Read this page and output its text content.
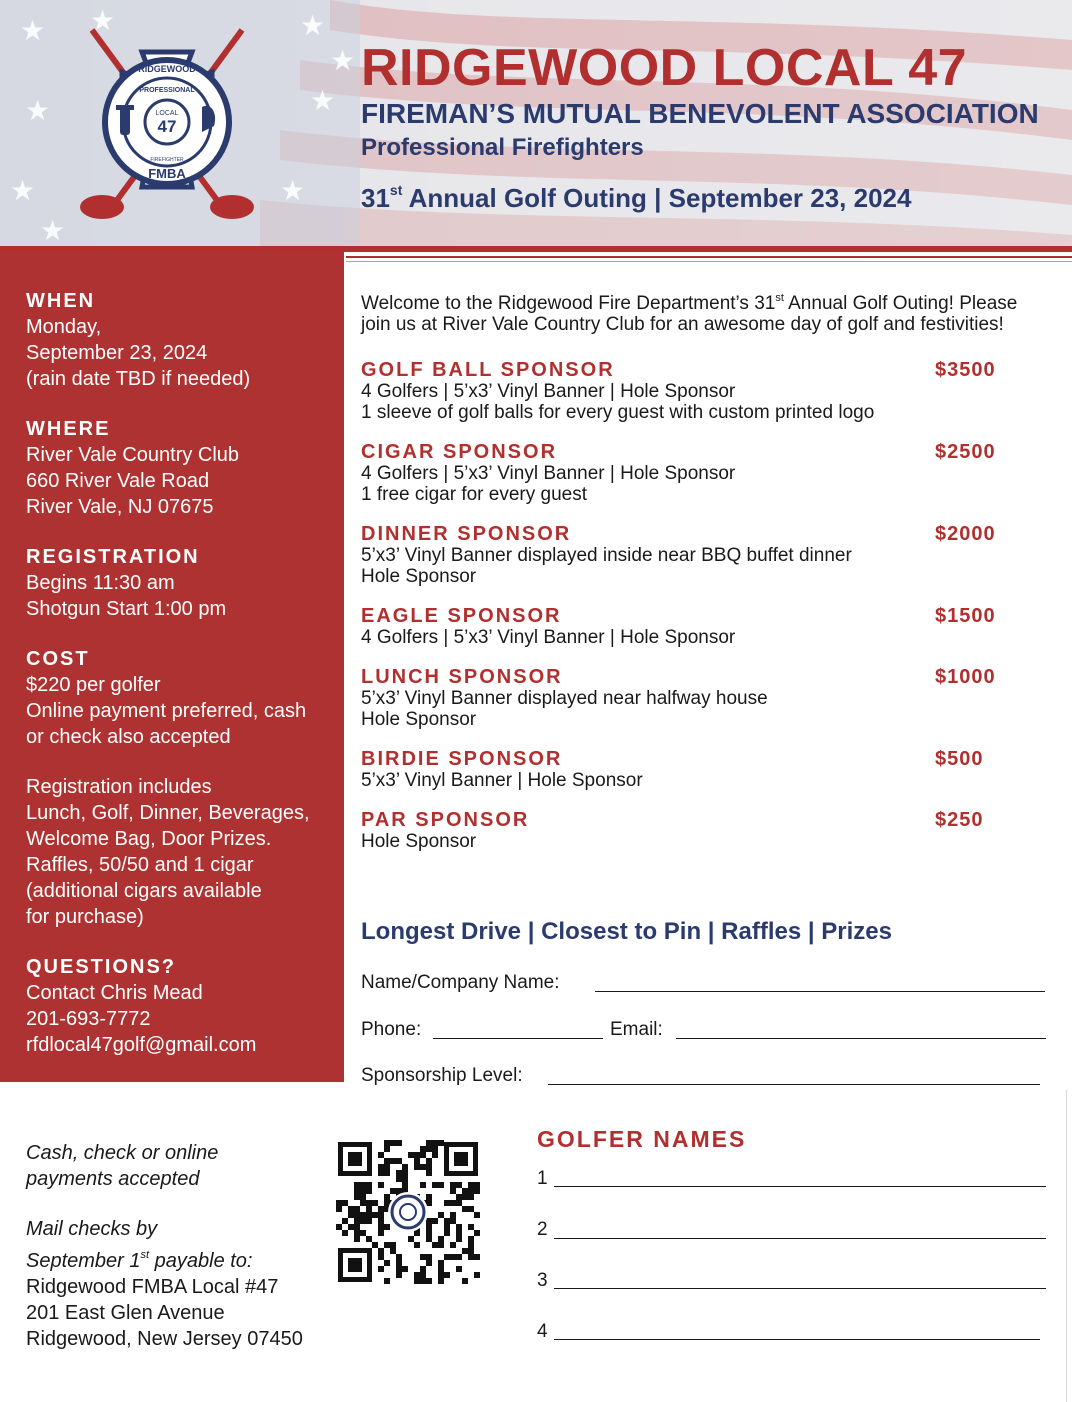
RIDGEWOOD
LOCAL
47
PROFESSIONAL
FIREFIGHTER
FMBA
RIDGEWOOD LOCAL 47
FIREMAN’S MUTUAL BENEVOLENT ASSOCIATION
Professional Firefighters
31st Annual Golf Outing | September 23, 2024
WHEN
Monday,
September 23, 2024
(rain date TBD if needed)
WHERE
River Vale Country Club
660 River Vale Road
River Vale, NJ 07675
REGISTRATION
Begins 11:30 am
Shotgun Start 1:00 pm
COST
$220 per golfer
Online payment preferred, cash
or check also accepted
Registration includes
Lunch, Golf, Dinner, Beverages,
Welcome Bag, Door Prizes.
Raffles, 50/50 and 1 cigar
(additional cigars available
for purchase)
QUESTIONS?
Contact Chris Mead
201-693-7772
rfdlocal47golf@gmail.com
Welcome to the Ridgewood Fire Department’s 31st Annual Golf Outing! Please join us at River Vale Country Club for an awesome day of golf and festivities!
GOLF BALL SPONSOR	$3500
4 Golfers | 5’x3’ Vinyl Banner | Hole Sponsor
1 sleeve of golf balls for every guest with custom printed logo
CIGAR SPONSOR	$2500
4 Golfers | 5’x3’ Vinyl Banner | Hole Sponsor
1 free cigar for every guest
DINNER SPONSOR	$2000
5’x3’ Vinyl Banner displayed inside near BBQ buffet dinner
Hole Sponsor
EAGLE SPONSOR	$1500
4 Golfers | 5’x3’ Vinyl Banner | Hole Sponsor
LUNCH SPONSOR	$1000
5’x3’ Vinyl Banner displayed near halfway house
Hole Sponsor
BIRDIE SPONSOR	$500
5’x3’ Vinyl Banner | Hole Sponsor
PAR SPONSOR	$250
Hole Sponsor
Longest Drive | Closest to Pin | Raffles | Prizes
Name/Company Name:
Phone:	Email:
Sponsorship Level:
Cash, check or online
payments accepted
Mail checks by
September 1st payable to:
Ridgewood FMBA Local #47
201 East Glen Avenue
Ridgewood, New Jersey 07450
GOLFER NAMES
1
2
3
4
